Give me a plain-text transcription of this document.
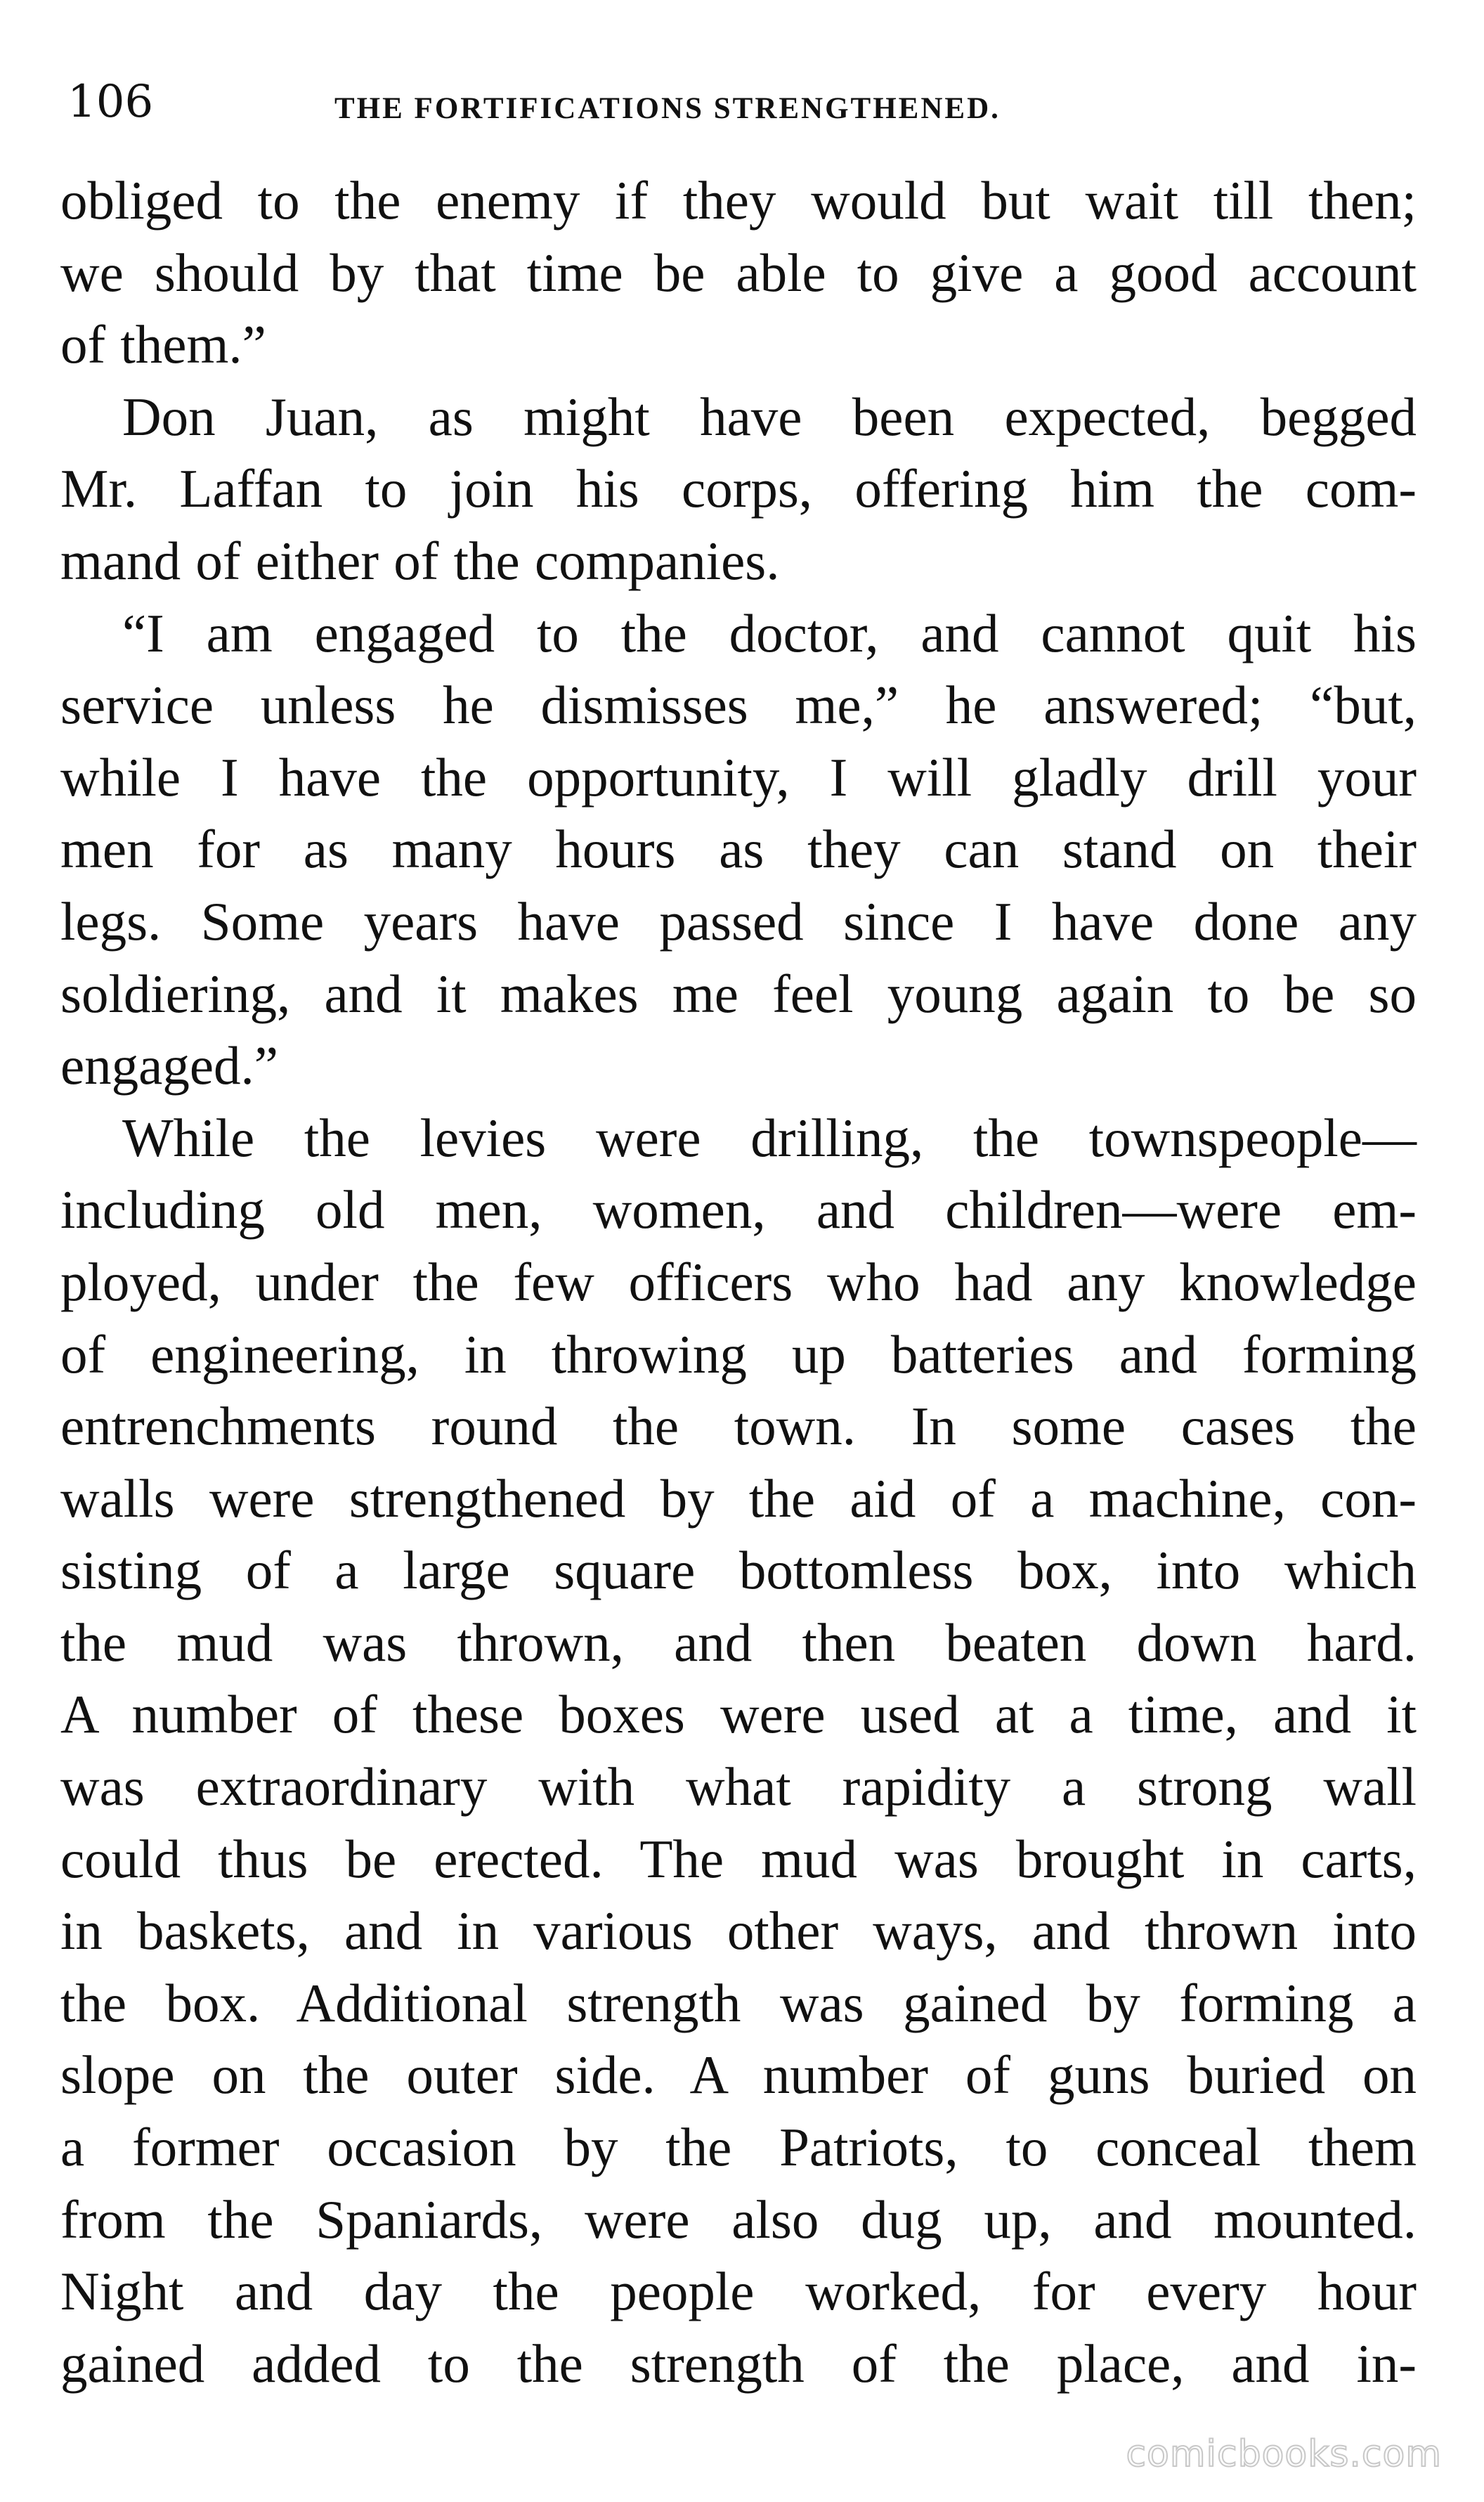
106	THE FORTIFICATIONS STRENGTHENED.
obliged to the enemy if they would but wait till then;
we should by that time be able to give a good account
of them.”
Don Juan, as might have been expected, begged
Mr. Laffan to join his corps, offering him the com-
mand of either of the companies.
“I am engaged to the doctor, and cannot quit his
service unless he dismisses me,” he answered; “but,
while I have the opportunity, I will gladly drill your
men for as many hours as they can stand on their
legs. Some years have passed since I have done any
soldiering, and it makes me feel young again to be so
engaged.”
While the levies were drilling, the townspeople—
including old men, women, and children—were em-
ployed, under the few officers who had any knowledge
of engineering, in throwing up batteries and forming
entrenchments round the town. In some cases the
walls were strengthened by the aid of a machine, con-
sisting of a large square bottomless box, into which
the mud was thrown, and then beaten down hard.
A number of these boxes were used at a time, and it
was extraordinary with what rapidity a strong wall
could thus be erected. The mud was brought in carts,
in baskets, and in various other ways, and thrown into
the box. Additional strength was gained by forming a
slope on the outer side. A number of guns buried on
a former occasion by the Patriots, to conceal them
from the Spaniards, were also dug up, and mounted.
Night and day the people worked, for every hour
gained added to the strength of the place, and in-
comicbooks.com
